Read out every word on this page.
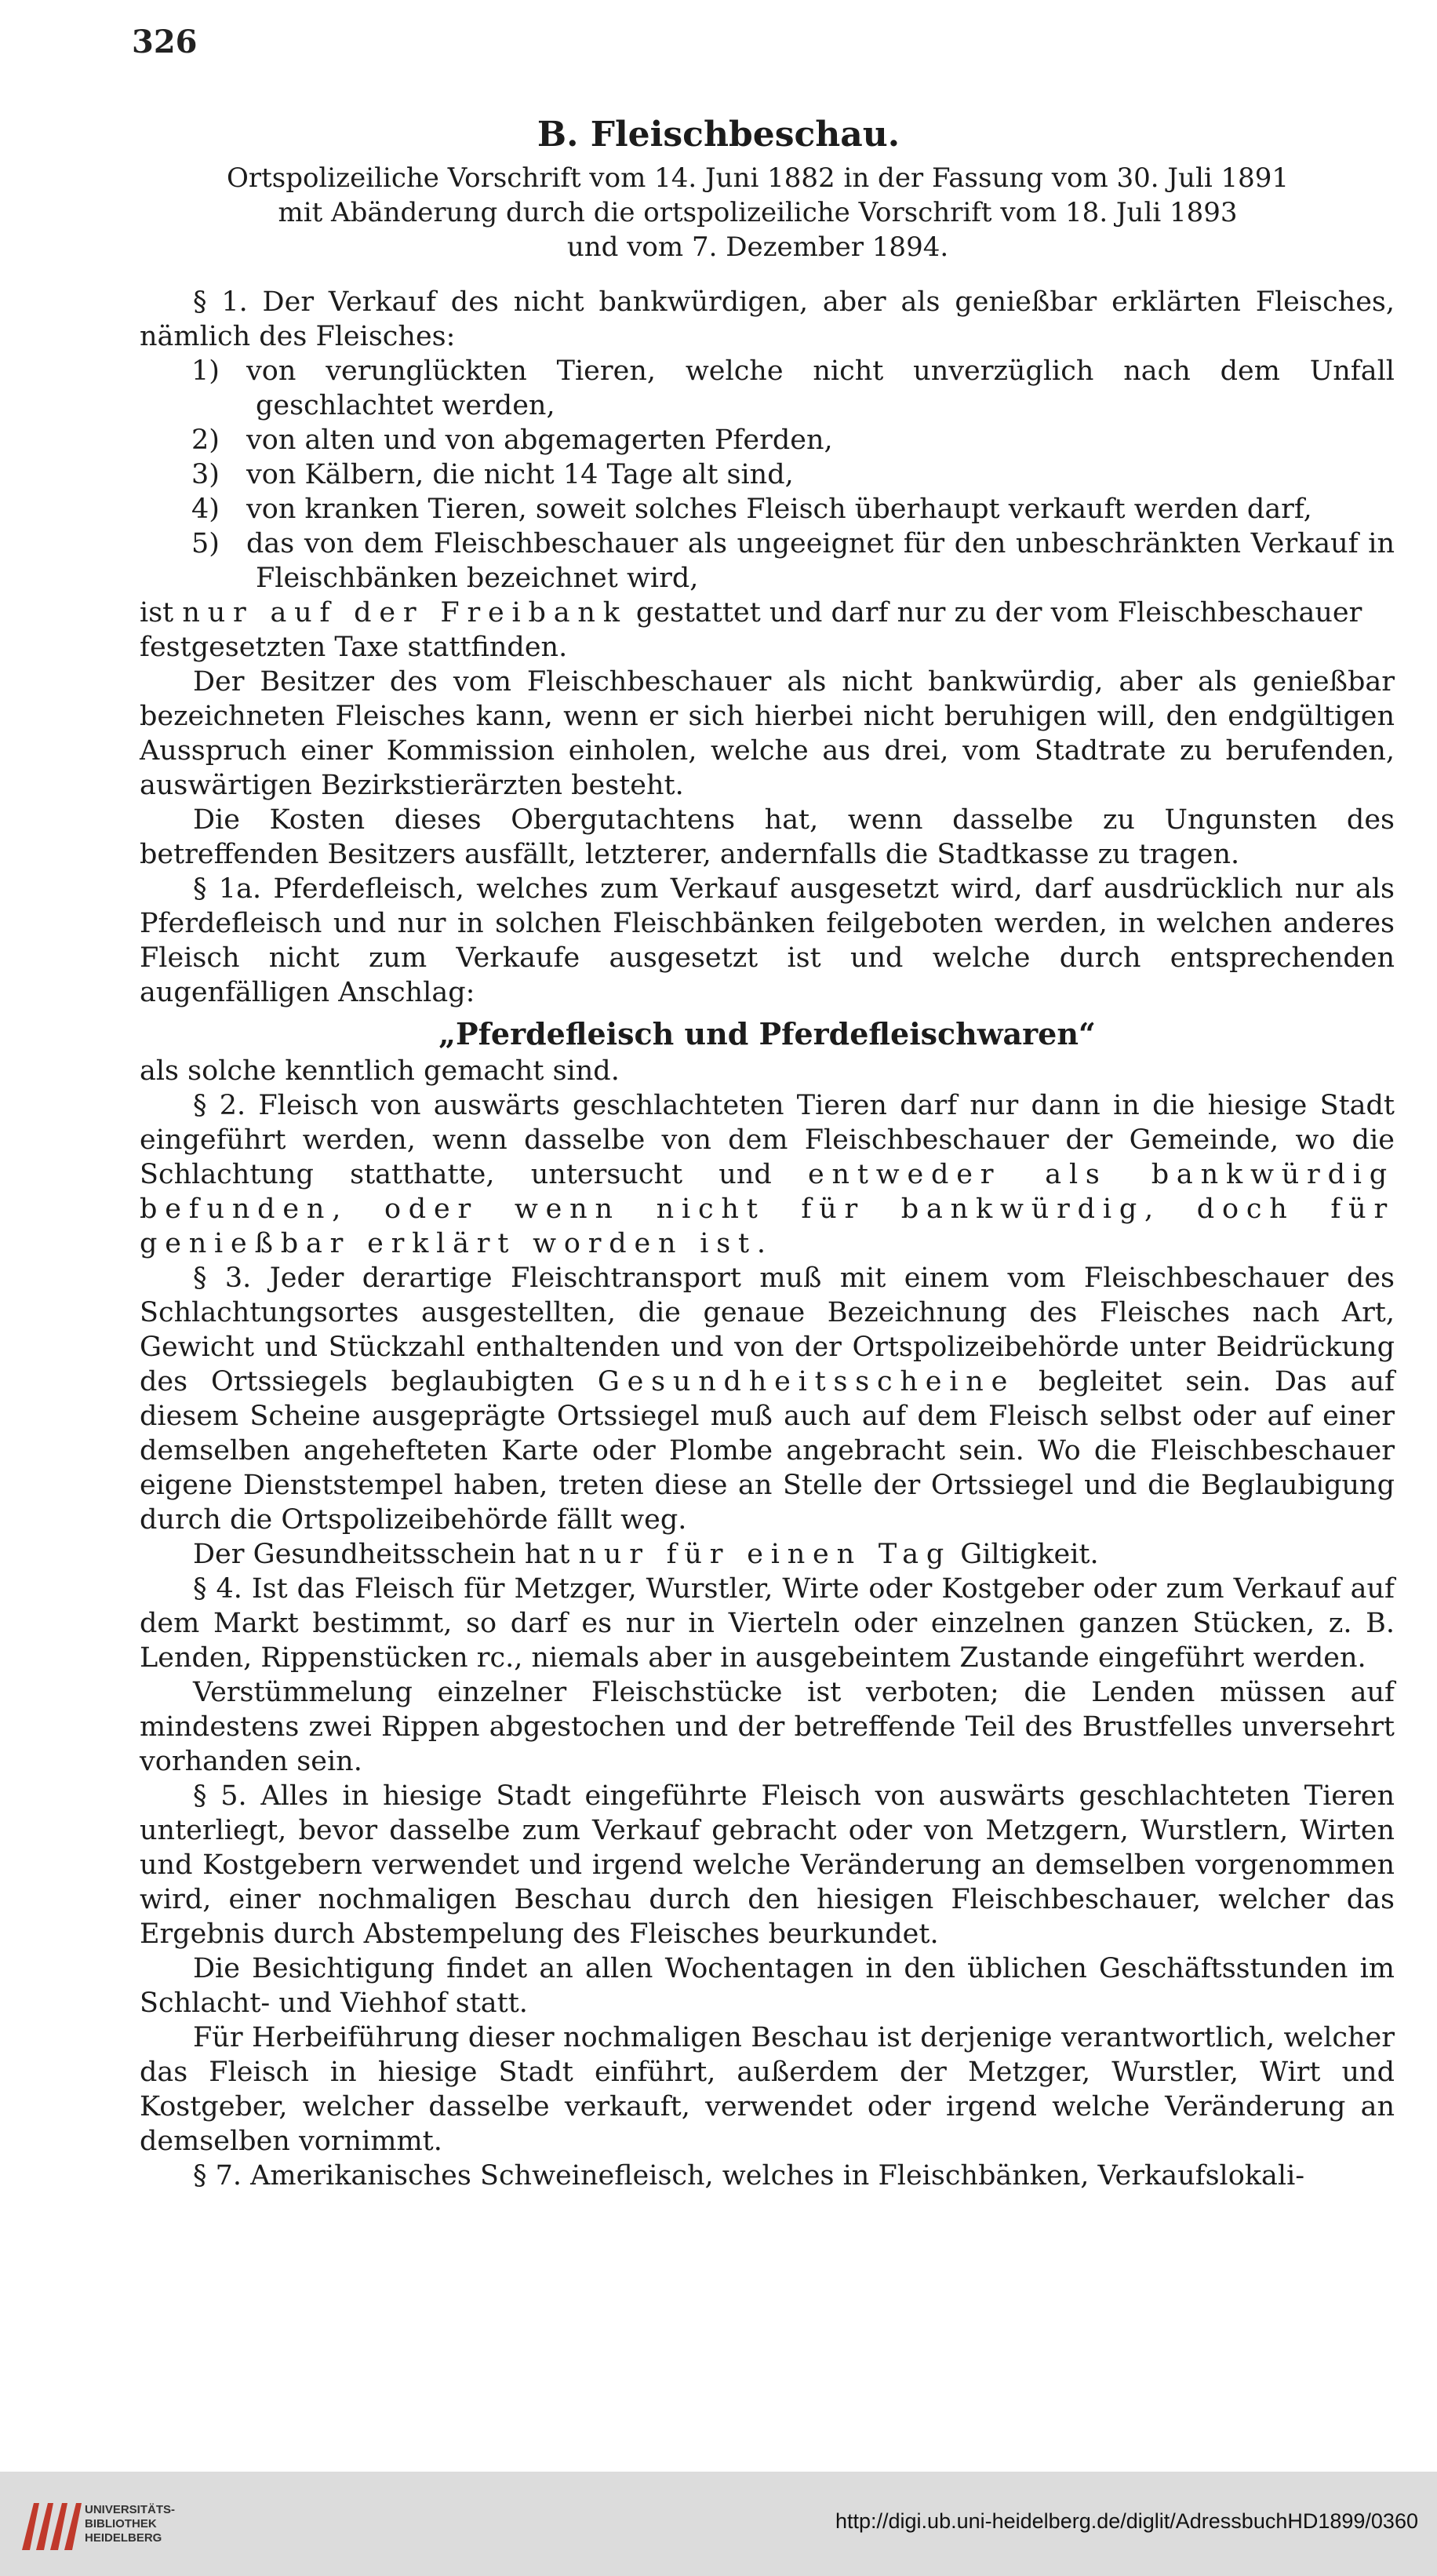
326
B. Fleischbeschau.
Ortspolizeiliche Vorschrift vom 14. Juni 1882 in der Fassung vom 30. Juli 1891
mit Abänderung durch die ortspolizeiliche Vorschrift vom 18. Juli 1893
und vom 7. Dezember 1894.

§ 1. Der Verkauf des nicht bankwürdigen, aber als genießbar erklärten Fleisches, nämlich des Fleisches:

1) von verunglückten Tieren, welche nicht unverzüglich nach dem Unfall geschlachtet werden,
2) von alten und von abgemagerten Pferden,
3) von Kälbern, die nicht 14 Tage alt sind,
4) von kranken Tieren, soweit solches Fleisch überhaupt verkauft werden darf,
5) das von dem Fleischbeschauer als ungeeignet für den unbeschränkten Verkauf in Fleischbänken bezeichnet wird,

ist nur auf der Freibank gestattet und darf nur zu der vom Fleischbeschauer festgesetzten Taxe stattfinden.

Der Besitzer des vom Fleischbeschauer als nicht bankwürdig, aber als genießbar bezeichneten Fleisches kann, wenn er sich hierbei nicht beruhigen will, den endgültigen Ausspruch einer Kommission einholen, welche aus drei, vom Stadtrate zu berufenden, auswärtigen Bezirkstierärzten besteht.

Die Kosten dieses Obergutachtens hat, wenn dasselbe zu Ungunsten des betreffenden Besitzers ausfällt, letzterer, andernfalls die Stadtkasse zu tragen.

§ 1a. Pferdefleisch, welches zum Verkauf ausgesetzt wird, darf ausdrücklich nur als Pferdefleisch und nur in solchen Fleischbänken feilgeboten werden, in welchen anderes Fleisch nicht zum Verkaufe ausgesetzt ist und welche durch entsprechenden augenfälligen Anschlag:

„Pferdefleisch und Pferdefleischwaren“

als solche kenntlich gemacht sind.

§ 2. Fleisch von auswärts geschlachteten Tieren darf nur dann in die hiesige Stadt eingeführt werden, wenn dasselbe von dem Fleischbeschauer der Gemeinde, wo die Schlachtung statthatte, untersucht und entweder als bankwürdig befunden, oder wenn nicht für bankwürdig, doch für genießbar erklärt worden ist.

§ 3. Jeder derartige Fleischtransport muß mit einem vom Fleischbeschauer des Schlachtungsortes ausgestellten, die genaue Bezeichnung des Fleisches nach Art, Gewicht und Stückzahl enthaltenden und von der Ortspolizeibehörde unter Beidrückung des Ortssiegels beglaubigten Gesundheitsscheine begleitet sein. Das auf diesem Scheine ausgeprägte Ortssiegel muß auch auf dem Fleisch selbst oder auf einer demselben angehefteten Karte oder Plombe angebracht sein. Wo die Fleischbeschauer eigene Dienststempel haben, treten diese an Stelle der Ortssiegel und die Beglaubigung durch die Ortspolizeibehörde fällt weg.

Der Gesundheitsschein hat nur für einen Tag Giltigkeit.

§ 4. Ist das Fleisch für Metzger, Wurstler, Wirte oder Kostgeber oder zum Verkauf auf dem Markt bestimmt, so darf es nur in Vierteln oder einzelnen ganzen Stücken, z. B. Lenden, Rippenstücken rc., niemals aber in ausgebeintem Zustande eingeführt werden.

Verstümmelung einzelner Fleischstücke ist verboten; die Lenden müssen auf mindestens zwei Rippen abgestochen und der betreffende Teil des Brustfelles unversehrt vorhanden sein.

§ 5. Alles in hiesige Stadt eingeführte Fleisch von auswärts geschlachteten Tieren unterliegt, bevor dasselbe zum Verkauf gebracht oder von Metzgern, Wurstlern, Wirten und Kostgebern verwendet und irgend welche Veränderung an demselben vorgenommen wird, einer nochmaligen Beschau durch den hiesigen Fleischbeschauer, welcher das Ergebnis durch Abstempelung des Fleisches beurkundet.

Die Besichtigung findet an allen Wochentagen in den üblichen Geschäftsstunden im Schlacht- und Viehhof statt.

Für Herbeiführung dieser nochmaligen Beschau ist derjenige verantwortlich, welcher das Fleisch in hiesige Stadt einführt, außerdem der Metzger, Wurstler, Wirt und Kostgeber, welcher dasselbe verkauft, verwendet oder irgend welche Veränderung an demselben vornimmt.

§ 7. Amerikanisches Schweinefleisch, welches in Fleischbänken, Verkaufslokali-

UNIVERSITÄTS-
BIBLIOTHEK
HEIDELBERG
http://digi.ub.uni-heidelberg.de/diglit/AdressbuchHD1899/0360
